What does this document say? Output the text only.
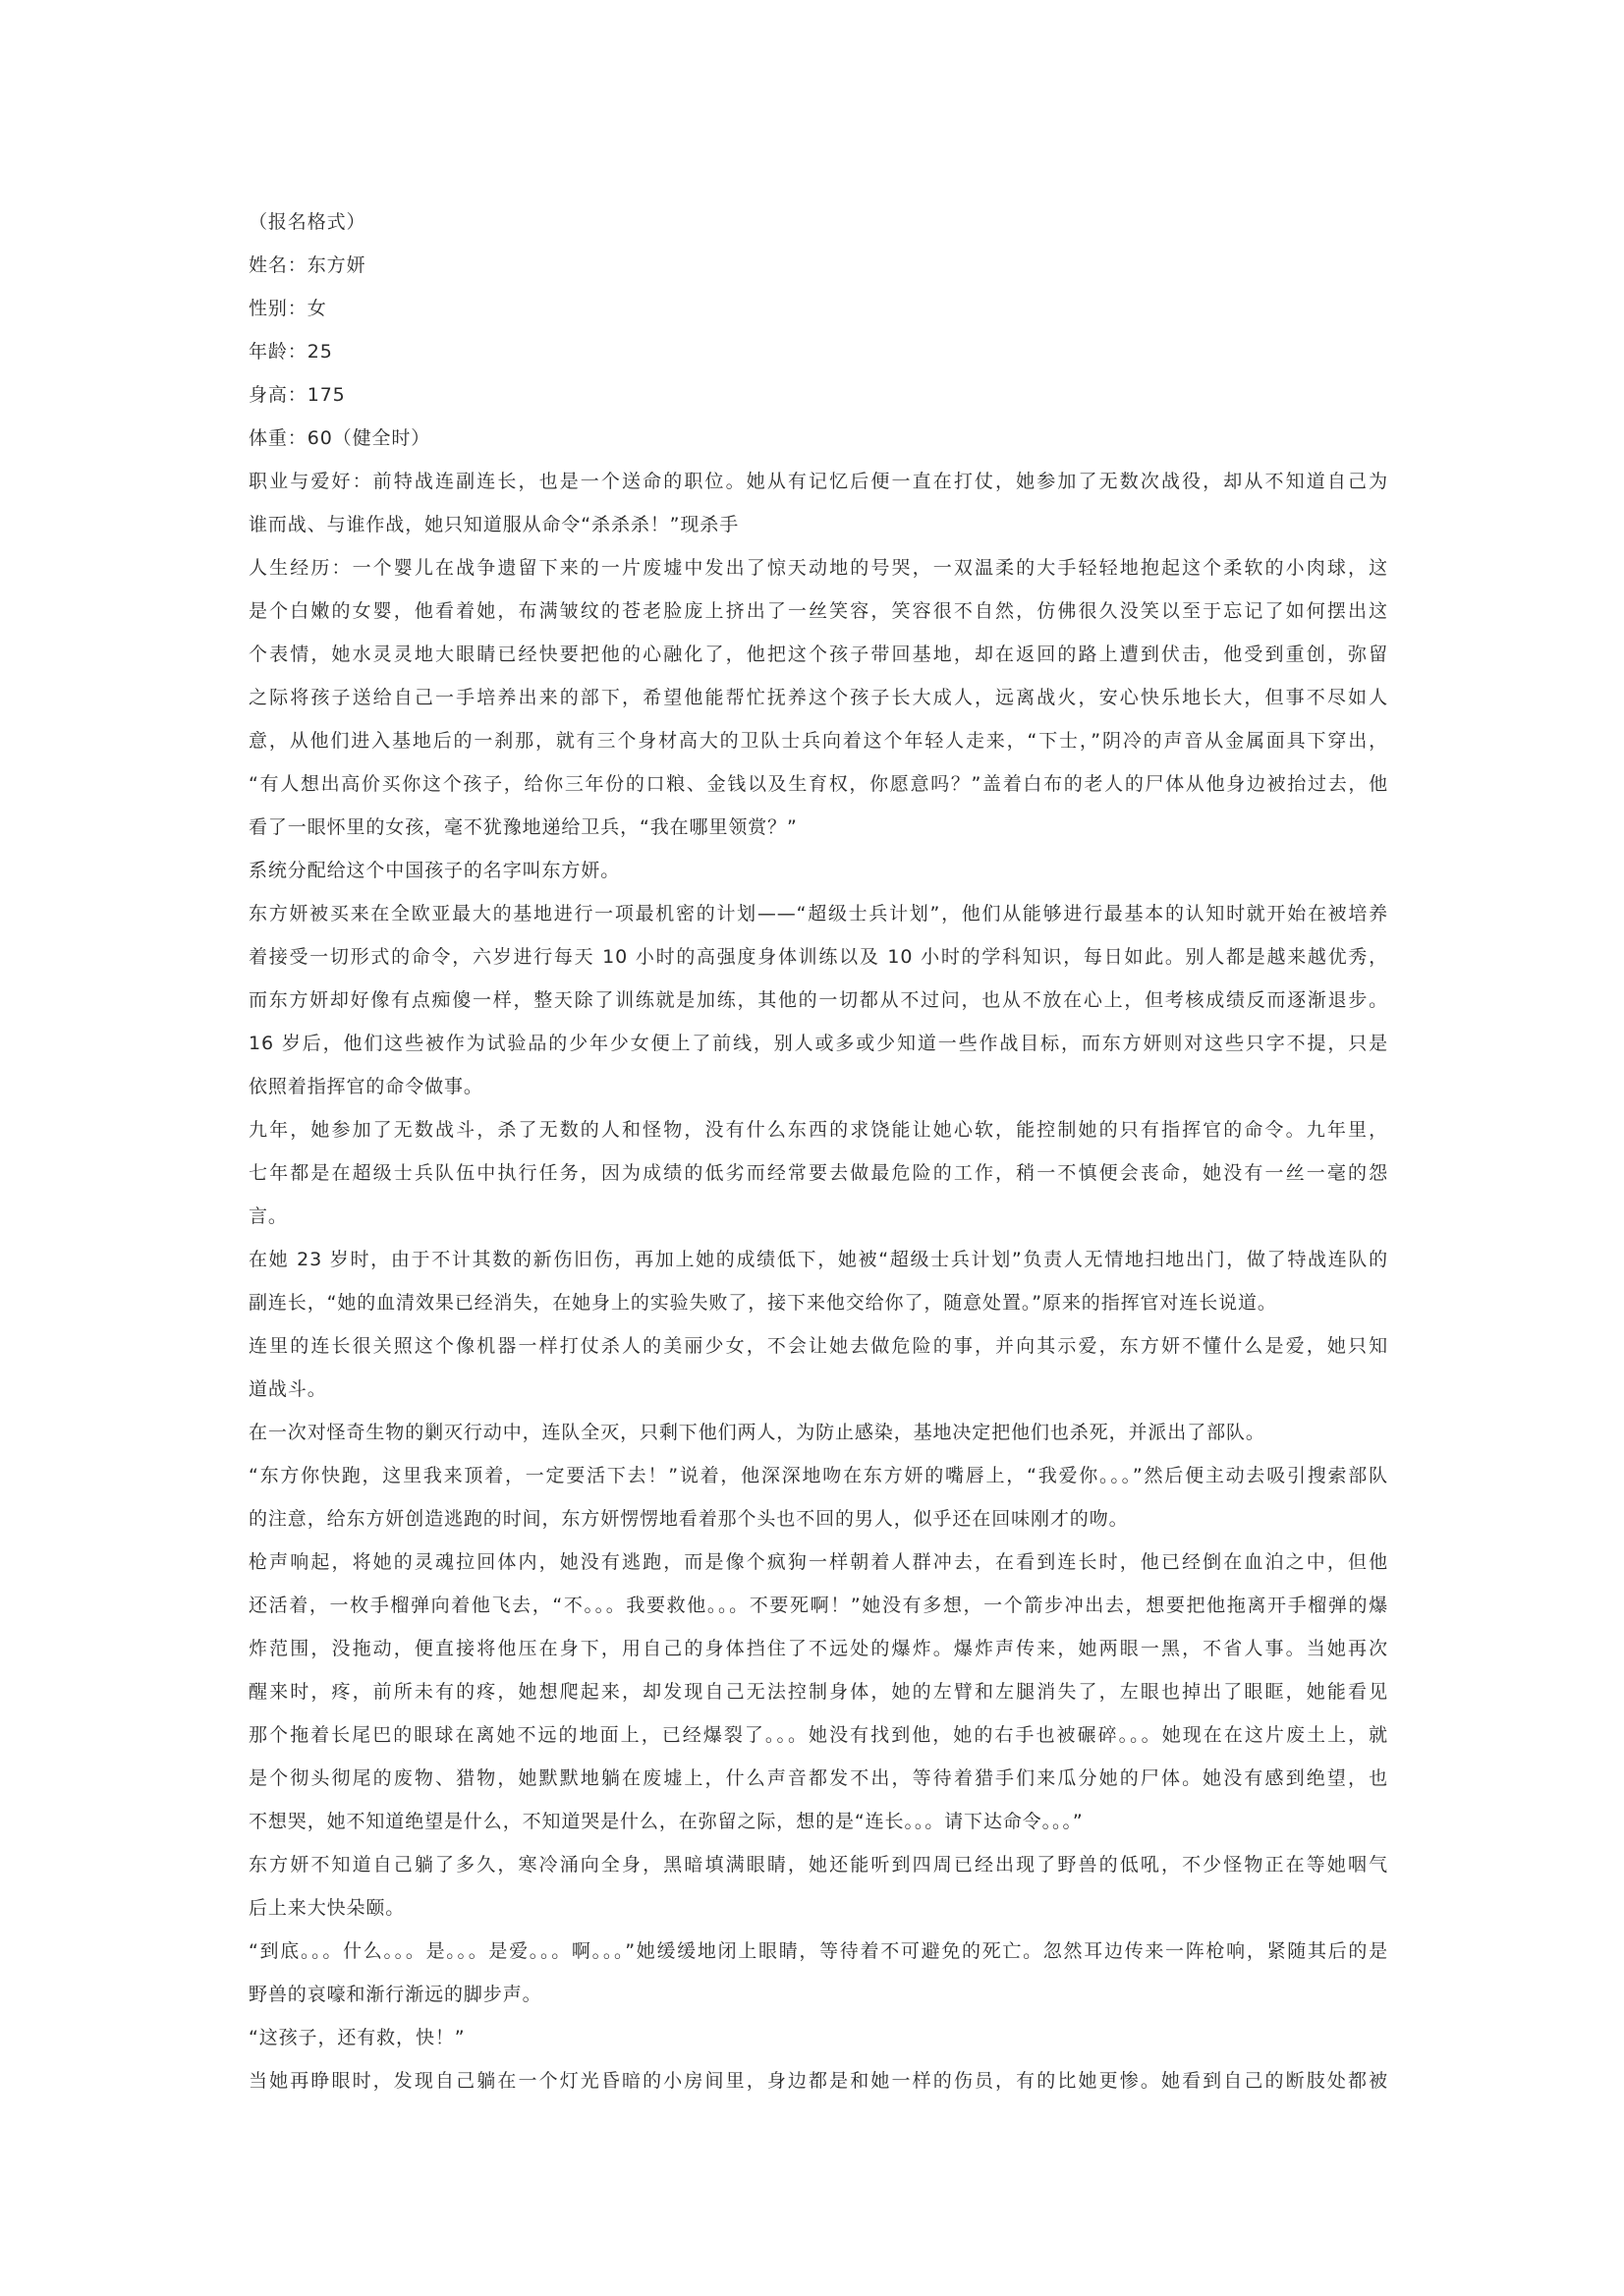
（报名格式）

姓名：东方妍

性别：女

年龄：25

身高：175

体重：60（健全时）

职业与爱好：前特战连副连长，也是一个送命的职位。她从有记忆后便一直在打仗，她参加了无数次战役，却从不知道自己为

谁而战、与谁作战，她只知道服从命令“杀杀杀！”现杀手

人生经历：一个婴儿在战争遗留下来的一片废墟中发出了惊天动地的号哭，一双温柔的大手轻轻地抱起这个柔软的小肉球，这

是个白嫩的女婴，他看着她，布满皱纹的苍老脸庞上挤出了一丝笑容，笑容很不自然，仿佛很久没笑以至于忘记了如何摆出这

个表情，她水灵灵地大眼睛已经快要把他的心融化了，他把这个孩子带回基地，却在返回的路上遭到伏击，他受到重创，弥留

之际将孩子送给自己一手培养出来的部下，希望他能帮忙抚养这个孩子长大成人，远离战火，安心快乐地长大，但事不尽如人

意，从他们进入基地后的一刹那，就有三个身材高大的卫队士兵向着这个年轻人走来，“下士，”阴冷的声音从金属面具下穿出，

“有人想出高价买你这个孩子，给你三年份的口粮、金钱以及生育权，你愿意吗？”盖着白布的老人的尸体从他身边被抬过去，他

看了一眼怀里的女孩，毫不犹豫地递给卫兵，“我在哪里领赏？”

系统分配给这个中国孩子的名字叫东方妍。

东方妍被买来在全欧亚最大的基地进行一项最机密的计划——“超级士兵计划”，他们从能够进行最基本的认知时就开始在被培养

着接受一切形式的命令，六岁进行每天 10 小时的高强度身体训练以及 10 小时的学科知识，每日如此。别人都是越来越优秀，

而东方妍却好像有点痴傻一样，整天除了训练就是加练，其他的一切都从不过问，也从不放在心上，但考核成绩反而逐渐退步。

16 岁后，他们这些被作为试验品的少年少女便上了前线，别人或多或少知道一些作战目标，而东方妍则对这些只字不提，只是

依照着指挥官的命令做事。

九年，她参加了无数战斗，杀了无数的人和怪物，没有什么东西的求饶能让她心软，能控制她的只有指挥官的命令。九年里，

七年都是在超级士兵队伍中执行任务，因为成绩的低劣而经常要去做最危险的工作，稍一不慎便会丧命，她没有一丝一毫的怨

言。

在她 23 岁时，由于不计其数的新伤旧伤，再加上她的成绩低下，她被“超级士兵计划”负责人无情地扫地出门，做了特战连队的

副连长，“她的血清效果已经消失，在她身上的实验失败了，接下来他交给你了，随意处置。”原来的指挥官对连长说道。

连里的连长很关照这个像机器一样打仗杀人的美丽少女，不会让她去做危险的事，并向其示爱，东方妍不懂什么是爱，她只知

道战斗。

在一次对怪奇生物的剿灭行动中，连队全灭，只剩下他们两人，为防止感染，基地决定把他们也杀死，并派出了部队。

“东方你快跑，这里我来顶着，一定要活下去！”说着，他深深地吻在东方妍的嘴唇上，“我爱你。。。”然后便主动去吸引搜索部队

的注意，给东方妍创造逃跑的时间，东方妍愣愣地看着那个头也不回的男人，似乎还在回味刚才的吻。

枪声响起，将她的灵魂拉回体内，她没有逃跑，而是像个疯狗一样朝着人群冲去，在看到连长时，他已经倒在血泊之中，但他

还活着，一枚手榴弹向着他飞去，“不。。。我要救他。。。不要死啊！”她没有多想，一个箭步冲出去，想要把他拖离开手榴弹的爆

炸范围，没拖动，便直接将他压在身下，用自己的身体挡住了不远处的爆炸。爆炸声传来，她两眼一黑，不省人事。当她再次

醒来时，疼，前所未有的疼，她想爬起来，却发现自己无法控制身体，她的左臂和左腿消失了，左眼也掉出了眼眶，她能看见

那个拖着长尾巴的眼球在离她不远的地面上，已经爆裂了。。。她没有找到他，她的右手也被碾碎。。。她现在在这片废土上，就

是个彻头彻尾的废物、猎物，她默默地躺在废墟上，什么声音都发不出，等待着猎手们来瓜分她的尸体。她没有感到绝望，也

不想哭，她不知道绝望是什么，不知道哭是什么，在弥留之际，想的是“连长。。。请下达命令。。。”

东方妍不知道自己躺了多久，寒冷涌向全身，黑暗填满眼睛，她还能听到四周已经出现了野兽的低吼，不少怪物正在等她咽气

后上来大快朵颐。

“到底。。。什么。。。是。。。是爱。。。啊。。。”她缓缓地闭上眼睛，等待着不可避免的死亡。忽然耳边传来一阵枪响，紧随其后的是

野兽的哀嚎和渐行渐远的脚步声。

“这孩子，还有救，快！”

当她再睁眼时，发现自己躺在一个灯光昏暗的小房间里，身边都是和她一样的伤员，有的比她更惨。她看到自己的断肢处都被
